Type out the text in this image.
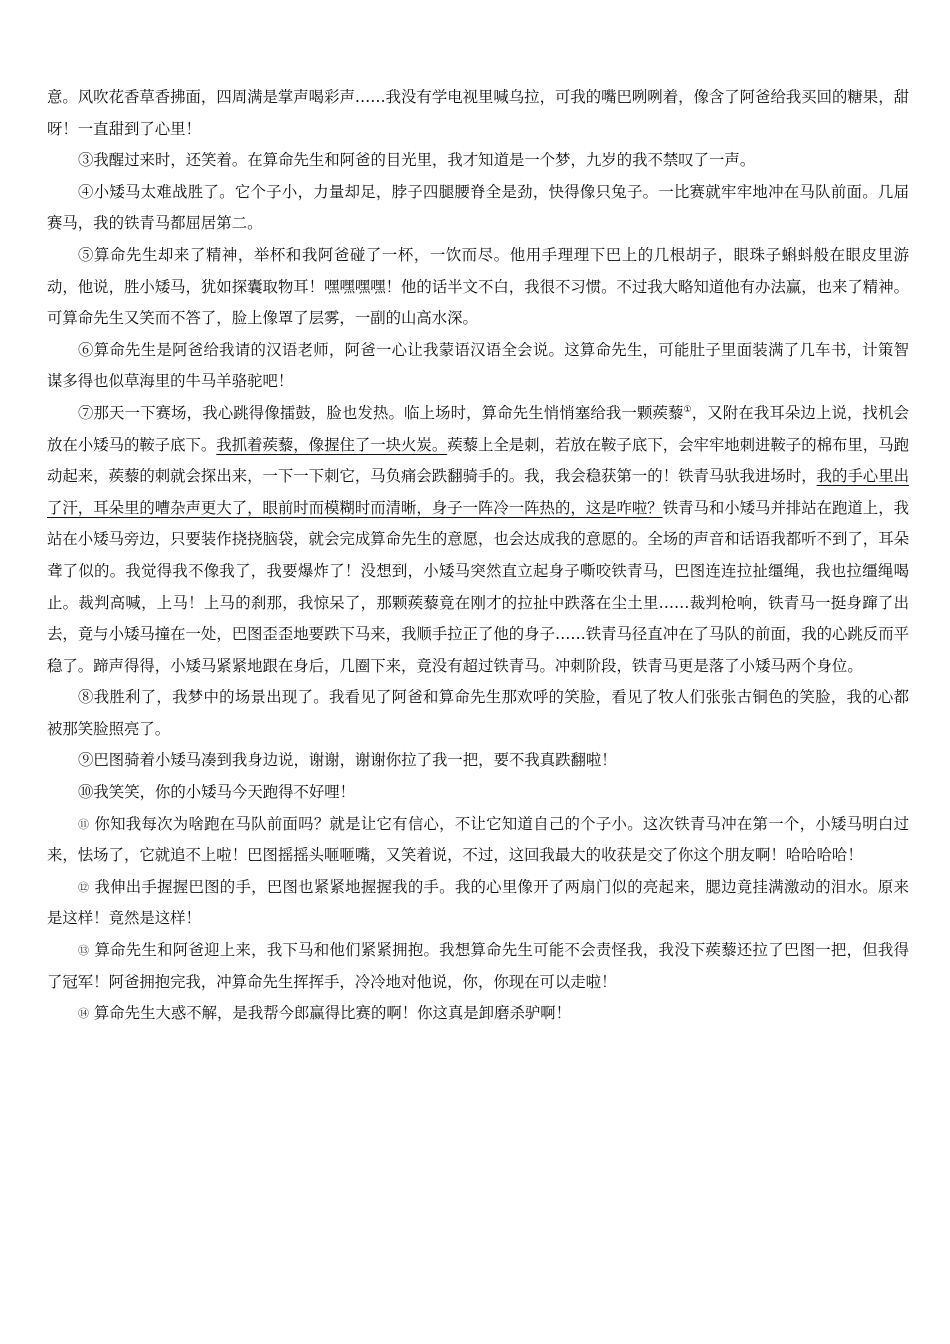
意。风吹花香草香拂面，四周满是掌声喝彩声……我没有学电视里喊乌拉，可我的嘴巴咧咧着，像含了阿爸给我买回的糖果，甜呀！一直甜到了心里！

③我醒过来时，还笑着。在算命先生和阿爸的目光里，我才知道是一个梦，九岁的我不禁叹了一声。

④小矮马太难战胜了。它个子小，力量却足，脖子四腿腰脊全是劲，快得像只兔子。一比赛就牢牢地冲在马队前面。几届赛马，我的铁青马都屈居第二。

⑤算命先生却来了精神，举杯和我阿爸碰了一杯，一饮而尽。他用手理理下巴上的几根胡子，眼珠子蝌蚪般在眼皮里游动，他说，胜小矮马，犹如探囊取物耳！嘿嘿嘿嘿！他的话半文不白，我很不习惯。不过我大略知道他有办法赢，也来了精神。可算命先生又笑而不答了，脸上像罩了层雾，一副的山高水深。

⑥算命先生是阿爸给我请的汉语老师，阿爸一心让我蒙语汉语全会说。这算命先生，可能肚子里面装满了几车书，计策智谋多得也似草海里的牛马羊骆驼吧！

⑦那天一下赛场，我心跳得像擂鼓，脸也发热。临上场时，算命先生悄悄塞给我一颗蒺藜①，又附在我耳朵边上说，找机会放在小矮马的鞍子底下。我抓着蒺藜，像握住了一块火炭。蒺藜上全是刺，若放在鞍子底下，会牢牢地刺进鞍子的棉布里，马跑动起来，蒺藜的刺就会探出来，一下一下刺它，马负痛会跌翻骑手的。我，我会稳获第一的！铁青马驮我进场时，我的手心里出了汗，耳朵里的嘈杂声更大了，眼前时而模糊时而清晰，身子一阵冷一阵热的，这是咋啦？铁青马和小矮马并排站在跑道上，我站在小矮马旁边，只要装作挠挠脑袋，就会完成算命先生的意愿，也会达成我的意愿的。全场的声音和话语我都听不到了，耳朵聋了似的。我觉得我不像我了，我要爆炸了！没想到，小矮马突然直立起身子嘶咬铁青马，巴图连连拉扯缰绳，我也拉缰绳喝止。裁判高喊，上马！上马的刹那，我惊呆了，那颗蒺藜竟在刚才的拉扯中跌落在尘土里……裁判枪响，铁青马一挺身蹿了出去，竟与小矮马撞在一处，巴图歪歪地要跌下马来，我顺手拉正了他的身子……铁青马径直冲在了马队的前面，我的心跳反而平稳了。蹄声得得，小矮马紧紧地跟在身后，几圈下来，竟没有超过铁青马。冲刺阶段，铁青马更是落了小矮马两个身位。

⑧我胜利了，我梦中的场景出现了。我看见了阿爸和算命先生那欢呼的笑脸，看见了牧人们张张古铜色的笑脸，我的心都被那笑脸照亮了。

⑨巴图骑着小矮马凑到我身边说，谢谢，谢谢你拉了我一把，要不我真跌翻啦！

⑩我笑笑，你的小矮马今天跑得不好哩！

⑪ 你知我每次为啥跑在马队前面吗？就是让它有信心，不让它知道自己的个子小。这次铁青马冲在第一个，小矮马明白过来，怯场了，它就追不上啦！巴图摇摇头咂咂嘴，又笑着说，不过，这回我最大的收获是交了你这个朋友啊！哈哈哈哈！

⑫ 我伸出手握握巴图的手，巴图也紧紧地握握我的手。我的心里像开了两扇门似的亮起来，腮边竟挂满激动的泪水。原来是这样！竟然是这样！

⑬ 算命先生和阿爸迎上来，我下马和他们紧紧拥抱。我想算命先生可能不会责怪我，我没下蒺藜还拉了巴图一把，但我得了冠军！阿爸拥抱完我，冲算命先生挥挥手，冷冷地对他说，你，你现在可以走啦！

⑭ 算命先生大惑不解，是我帮今郎赢得比赛的啊！你这真是卸磨杀驴啊！
